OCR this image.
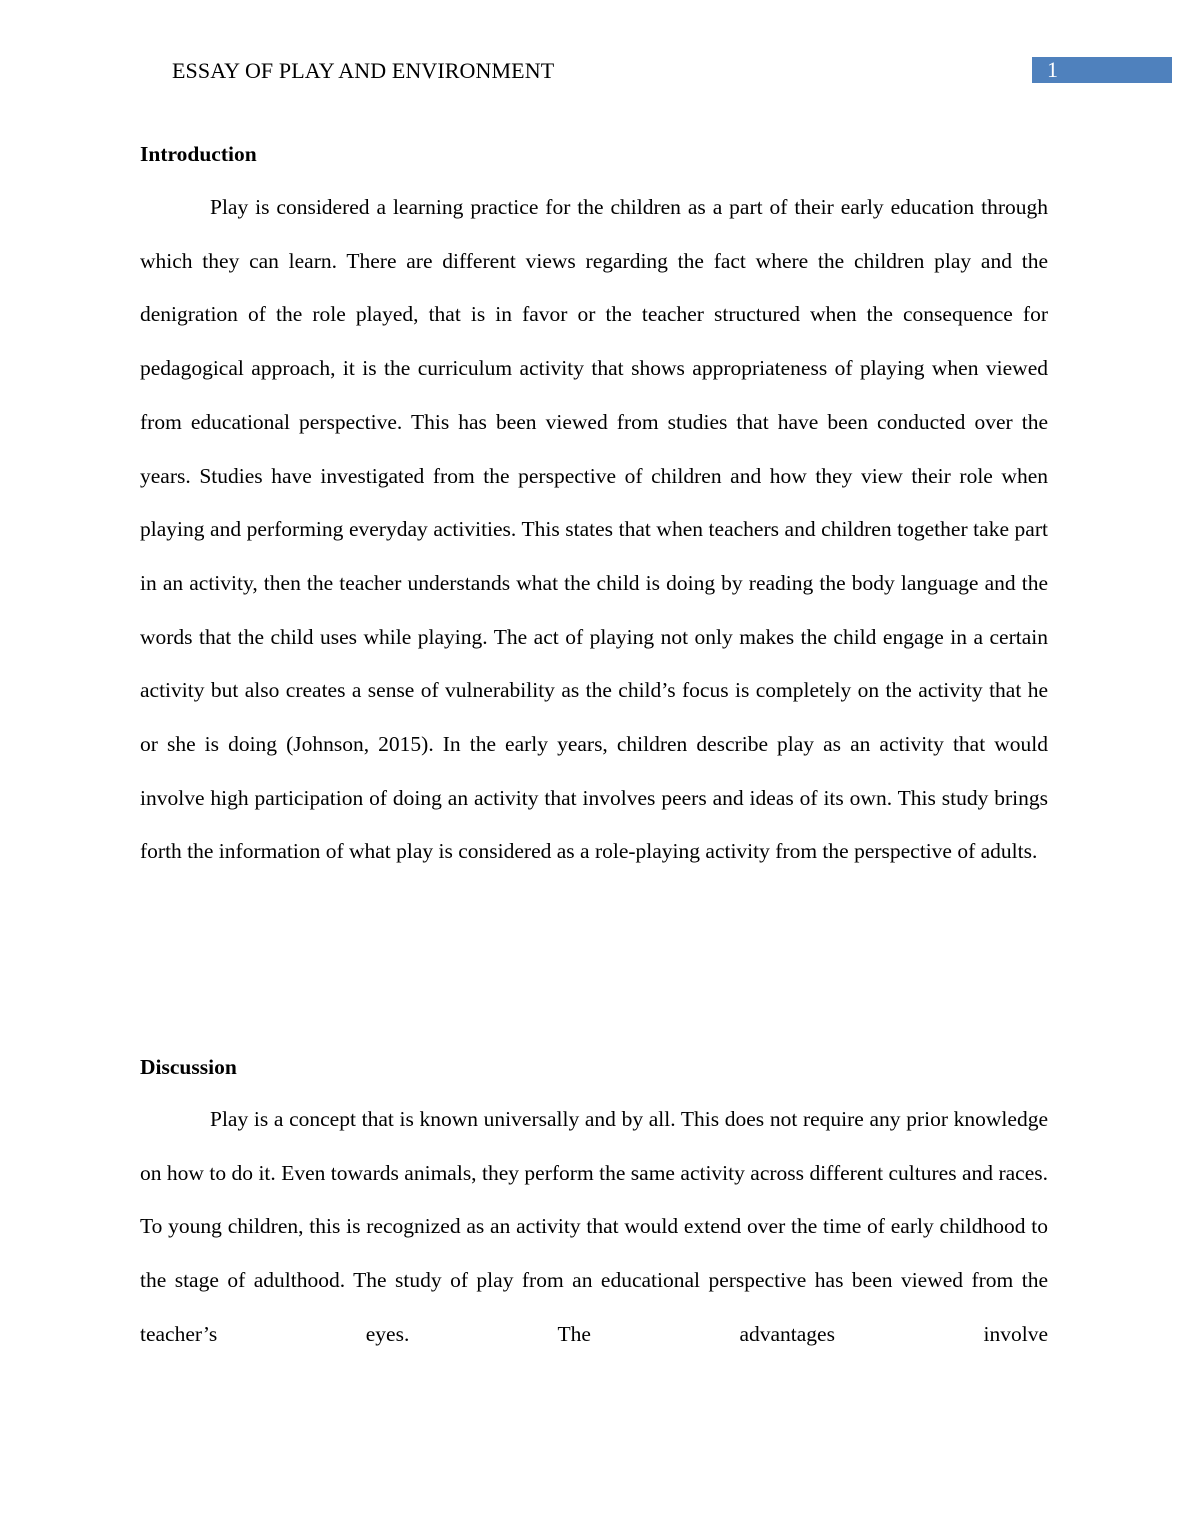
ESSAY OF PLAY AND ENVIRONMENT	1
Introduction

Play is considered a learning practice for the children as a part of their early education through which they can learn. There are different views regarding the fact where the children play and the denigration of the role played, that is in favor or the teacher structured when the consequence for pedagogical approach, it is the curriculum activity that shows appropriateness of playing when viewed from educational perspective. This has been viewed from studies that have been conducted over the years. Studies have investigated from the perspective of children and how they view their role when playing and performing everyday activities. This states that when teachers and children together take part in an activity, then the teacher understands what the child is doing by reading the body language and the words that the child uses while playing. The act of playing not only makes the child engage in a certain activity but also creates a sense of vulnerability as the child’s focus is completely on the activity that he or she is doing (Johnson, 2015). In the early years, children describe play as an activity that would involve high participation of doing an activity that involves peers and ideas of its own. This study brings forth the information of what play is considered as a role-playing activity from the perspective of adults.

Discussion

Play is a concept that is known universally and by all. This does not require any prior knowledge on how to do it. Even towards animals, they perform the same activity across different cultures and races. To young children, this is recognized as an activity that would extend over the time of early childhood to the stage of adulthood. The study of play from an educational perspective has been viewed from the teacher’s eyes. The advantages involve
